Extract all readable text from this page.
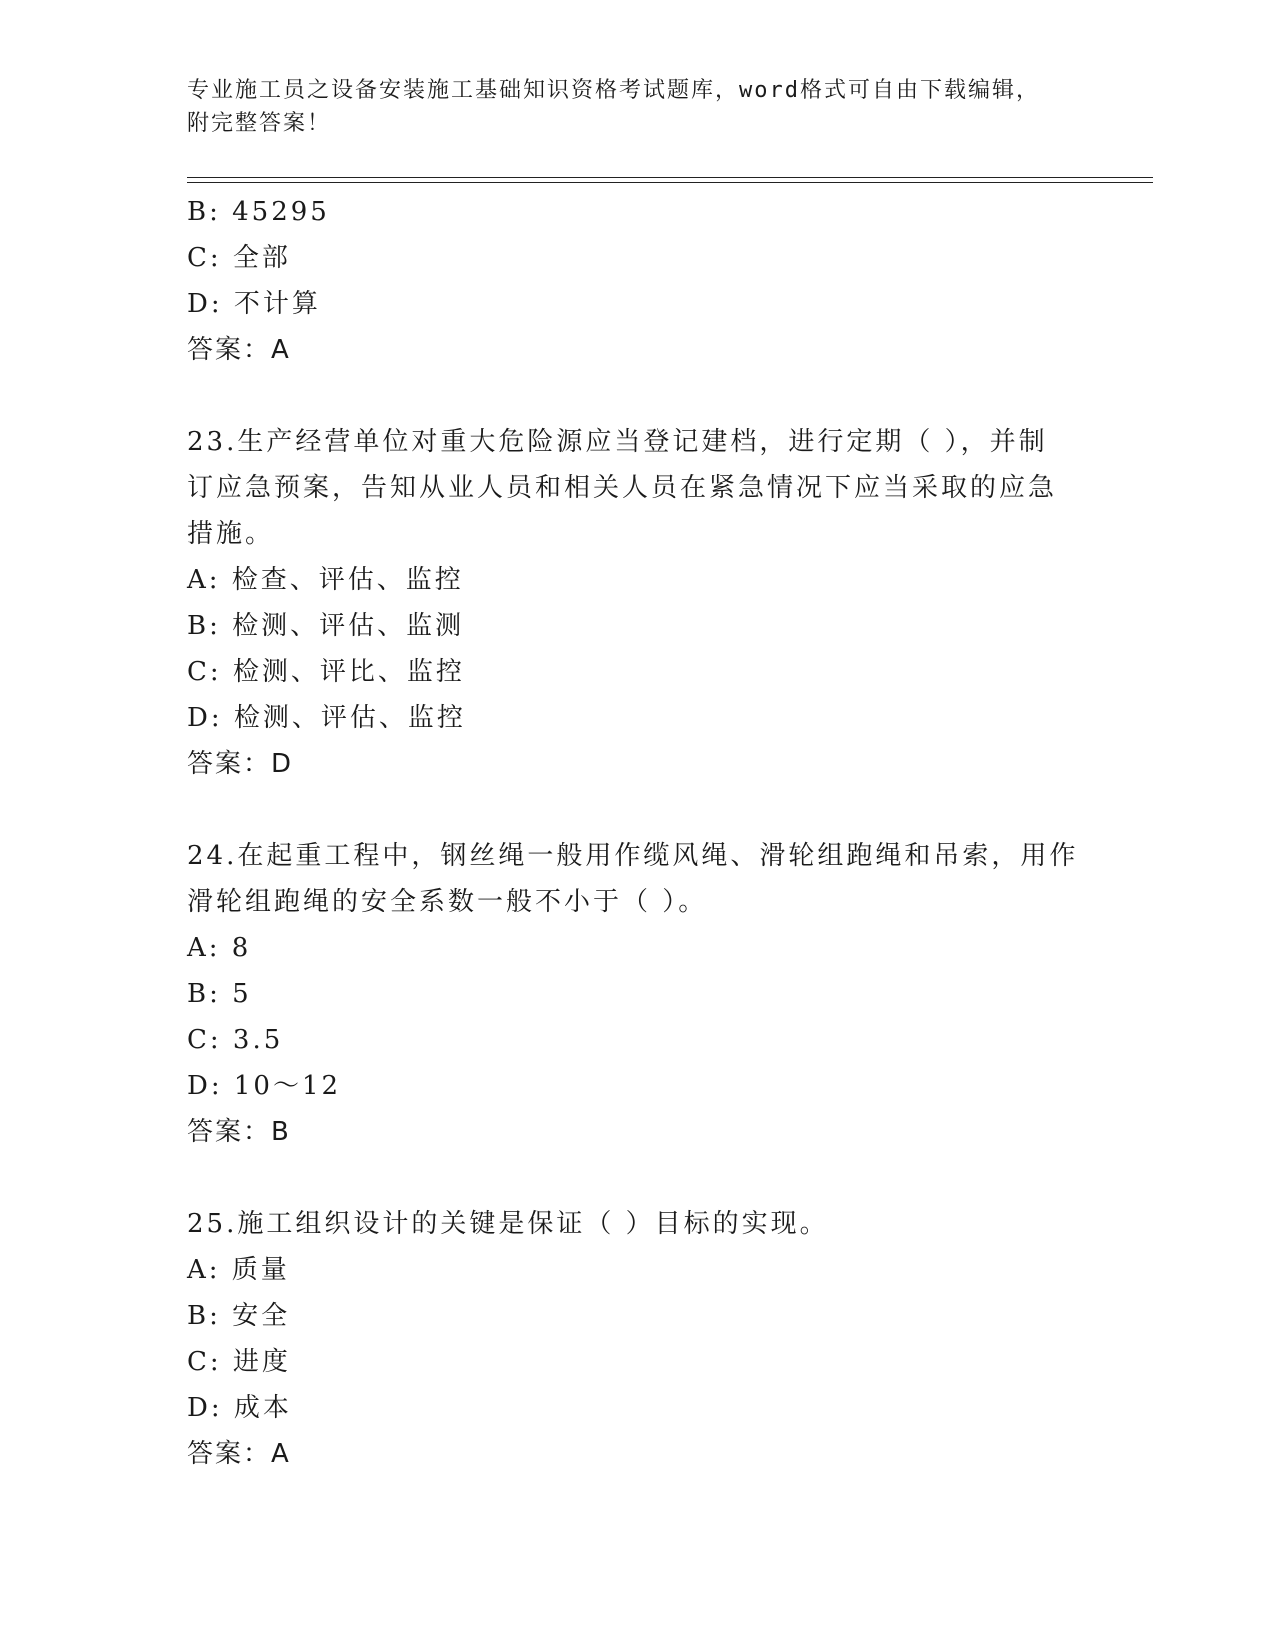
专业施工员之设备安装施工基础知识资格考试题库，word格式可自由下载编辑，
附完整答案！
B: 45295
C: 全部
D: 不计算
答案：A
23.生产经营单位对重大危险源应当登记建档，进行定期（ ），并制
订应急预案，告知从业人员和相关人员在紧急情况下应当采取的应急
措施。
A: 检查、评估、监控
B: 检测、评估、监测
C: 检测、评比、监控
D: 检测、评估、监控
答案：D
24.在起重工程中，钢丝绳一般用作缆风绳、滑轮组跑绳和吊索，用作
滑轮组跑绳的安全系数一般不小于（ ）。
A: 8
B: 5
C: 3.5
D: 10～12
答案：B
25.施工组织设计的关键是保证（ ）目标的实现。
A: 质量
B: 安全
C: 进度
D: 成本
答案：A
